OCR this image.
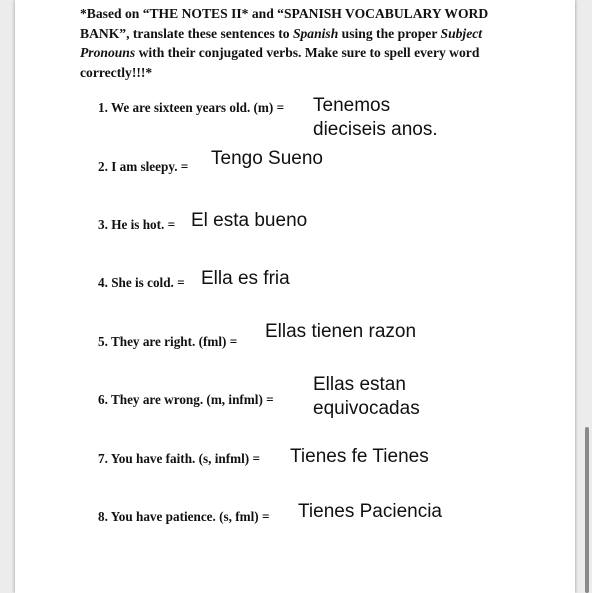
*Based on “THE NOTES II* and “SPANISH VOCABULARY WORD BANK”, translate these sentences to Spanish using the proper Subject Pronouns with their conjugated verbs. Make sure to spell every word correctly!!!*
1. We are sixteen years old. (m) = Tenemos
dieciseis anos.
2. I am sleepy. = Tengo Sueno
3. He is hot. = El esta bueno
4. She is cold. = Ella es fria
5. They are right. (fml) = Ellas tienen razon
6. They are wrong. (m, infml) =
Ellas estan
equivocadas
7. You have faith. (s, infml) = Tienes fe Tienes
8. You have patience. (s, fml) = Tienes Paciencia
